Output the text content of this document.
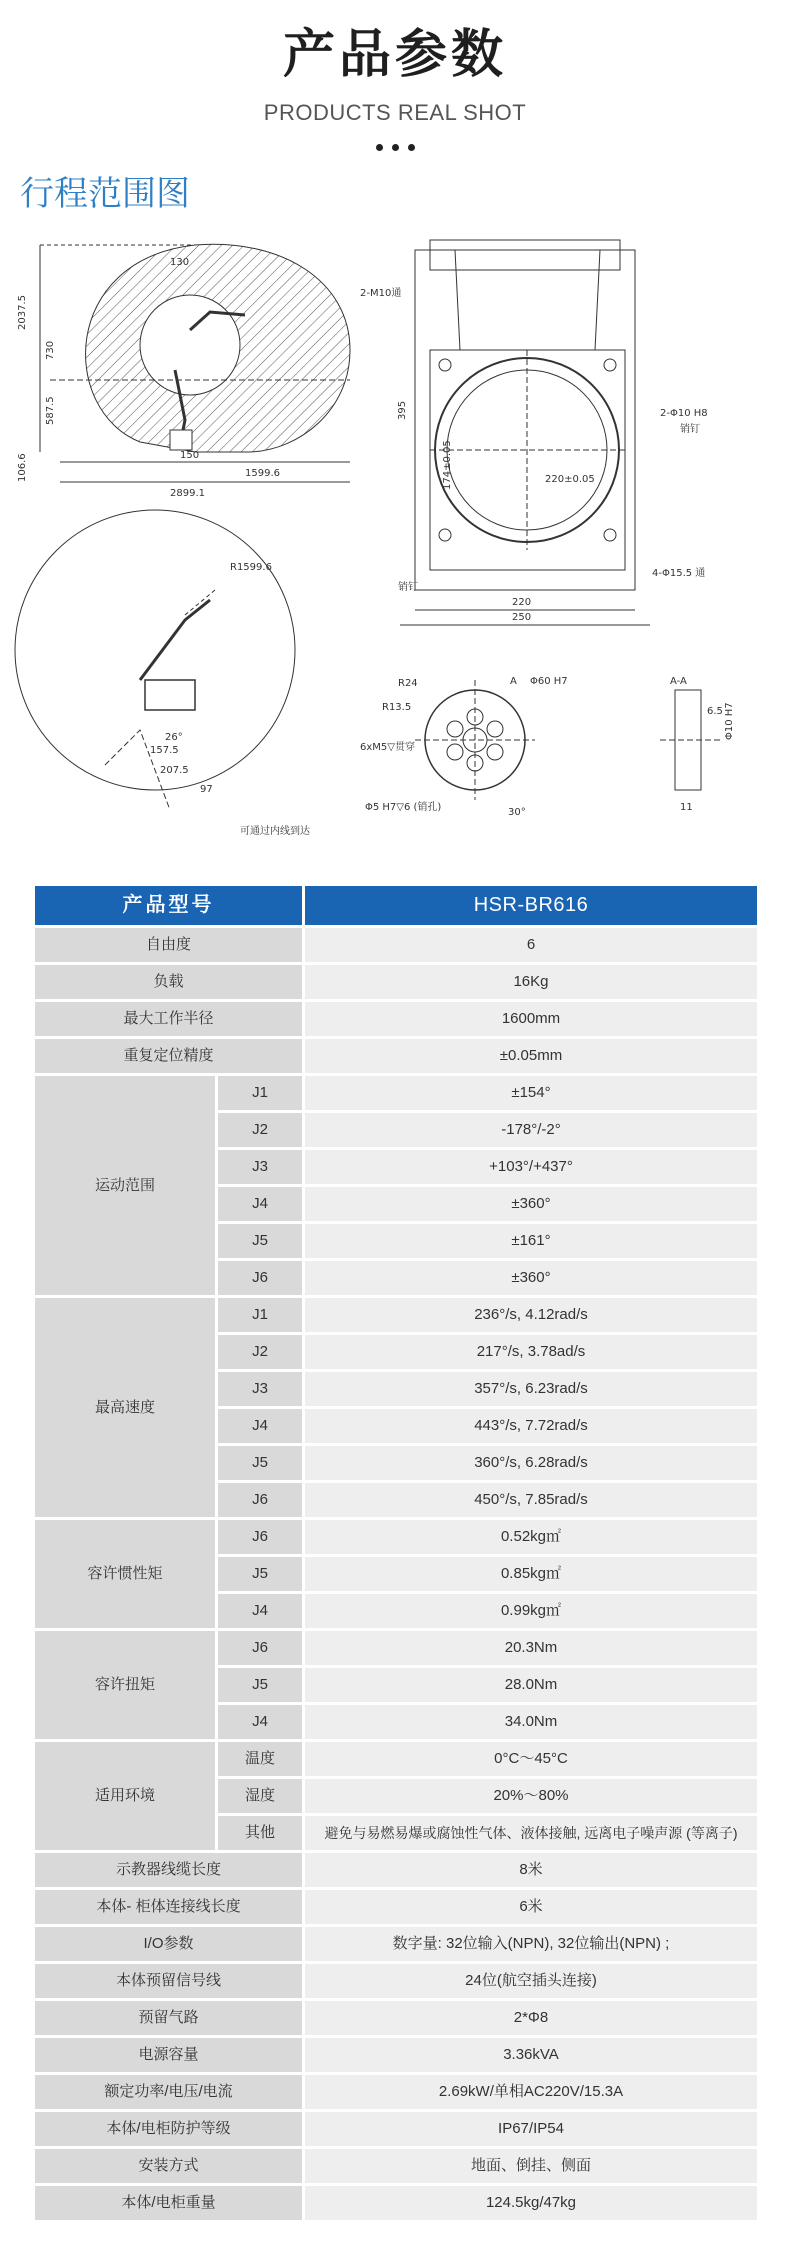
产品参数
PRODUCTS REAL SHOT
行程范围图
2037.5
730
587.5
106.6	1599.6
2899.1
150
130
2-M10通
2-Φ10 H8
销钉
395
174±0.05	220±0.05
220
250
4-Φ15.5 通
销钉
R1599.6
26°
157.5
207.5
97
可通过内线到达
R24	A Φ60 H7
R13.5
6xM5▽贯穿
Φ5 H7▽6 (销孔)	30°
A-A
6.5 Φ10 H7
11
产品型号		HSR-BR616
自由度		6
负载		16Kg
最大工作半径		1600mm
重复定位精度		±0.05mm
运动范围	J1	±154°
	J2	-178°/-2°
	J3	+103°/+437°
	J4	±360°
	J5	±161°
	J6	±360°
最高速度	J1	236°/s, 4.12rad/s
	J2	217°/s, 3.78ad/s
	J3	357°/s, 6.23rad/s
	J4	443°/s, 7.72rad/s
	J5	360°/s, 6.28rad/s
	J6	450°/s, 7.85rad/s
容许惯性矩	J6	0.52kg㎡
	J5	0.85kg㎡
	J4	0.99kg㎡
容许扭矩	J6	20.3Nm
	J5	28.0Nm
	J4	34.0Nm
适用环境	温度	0°C～45°C
	湿度	20%～80%
	其他	避免与易燃易爆或腐蚀性气体、液体接触, 远离电子噪声源 (等离子)
示教器线缆长度		8米
本体- 柜体连接线长度		6米
I/O参数		数字量: 32位输入(NPN), 32位输出(NPN) ;
本体预留信号线		24位(航空插头连接)
预留气路		2*Φ8
电源容量		3.36kVA
额定功率/电压/电流		2.69kW/单相AC220V/15.3A
本体/电柜防护等级		IP67/IP54
安装方式		地面、倒挂、侧面
本体/电柜重量		124.5kg/47kg
